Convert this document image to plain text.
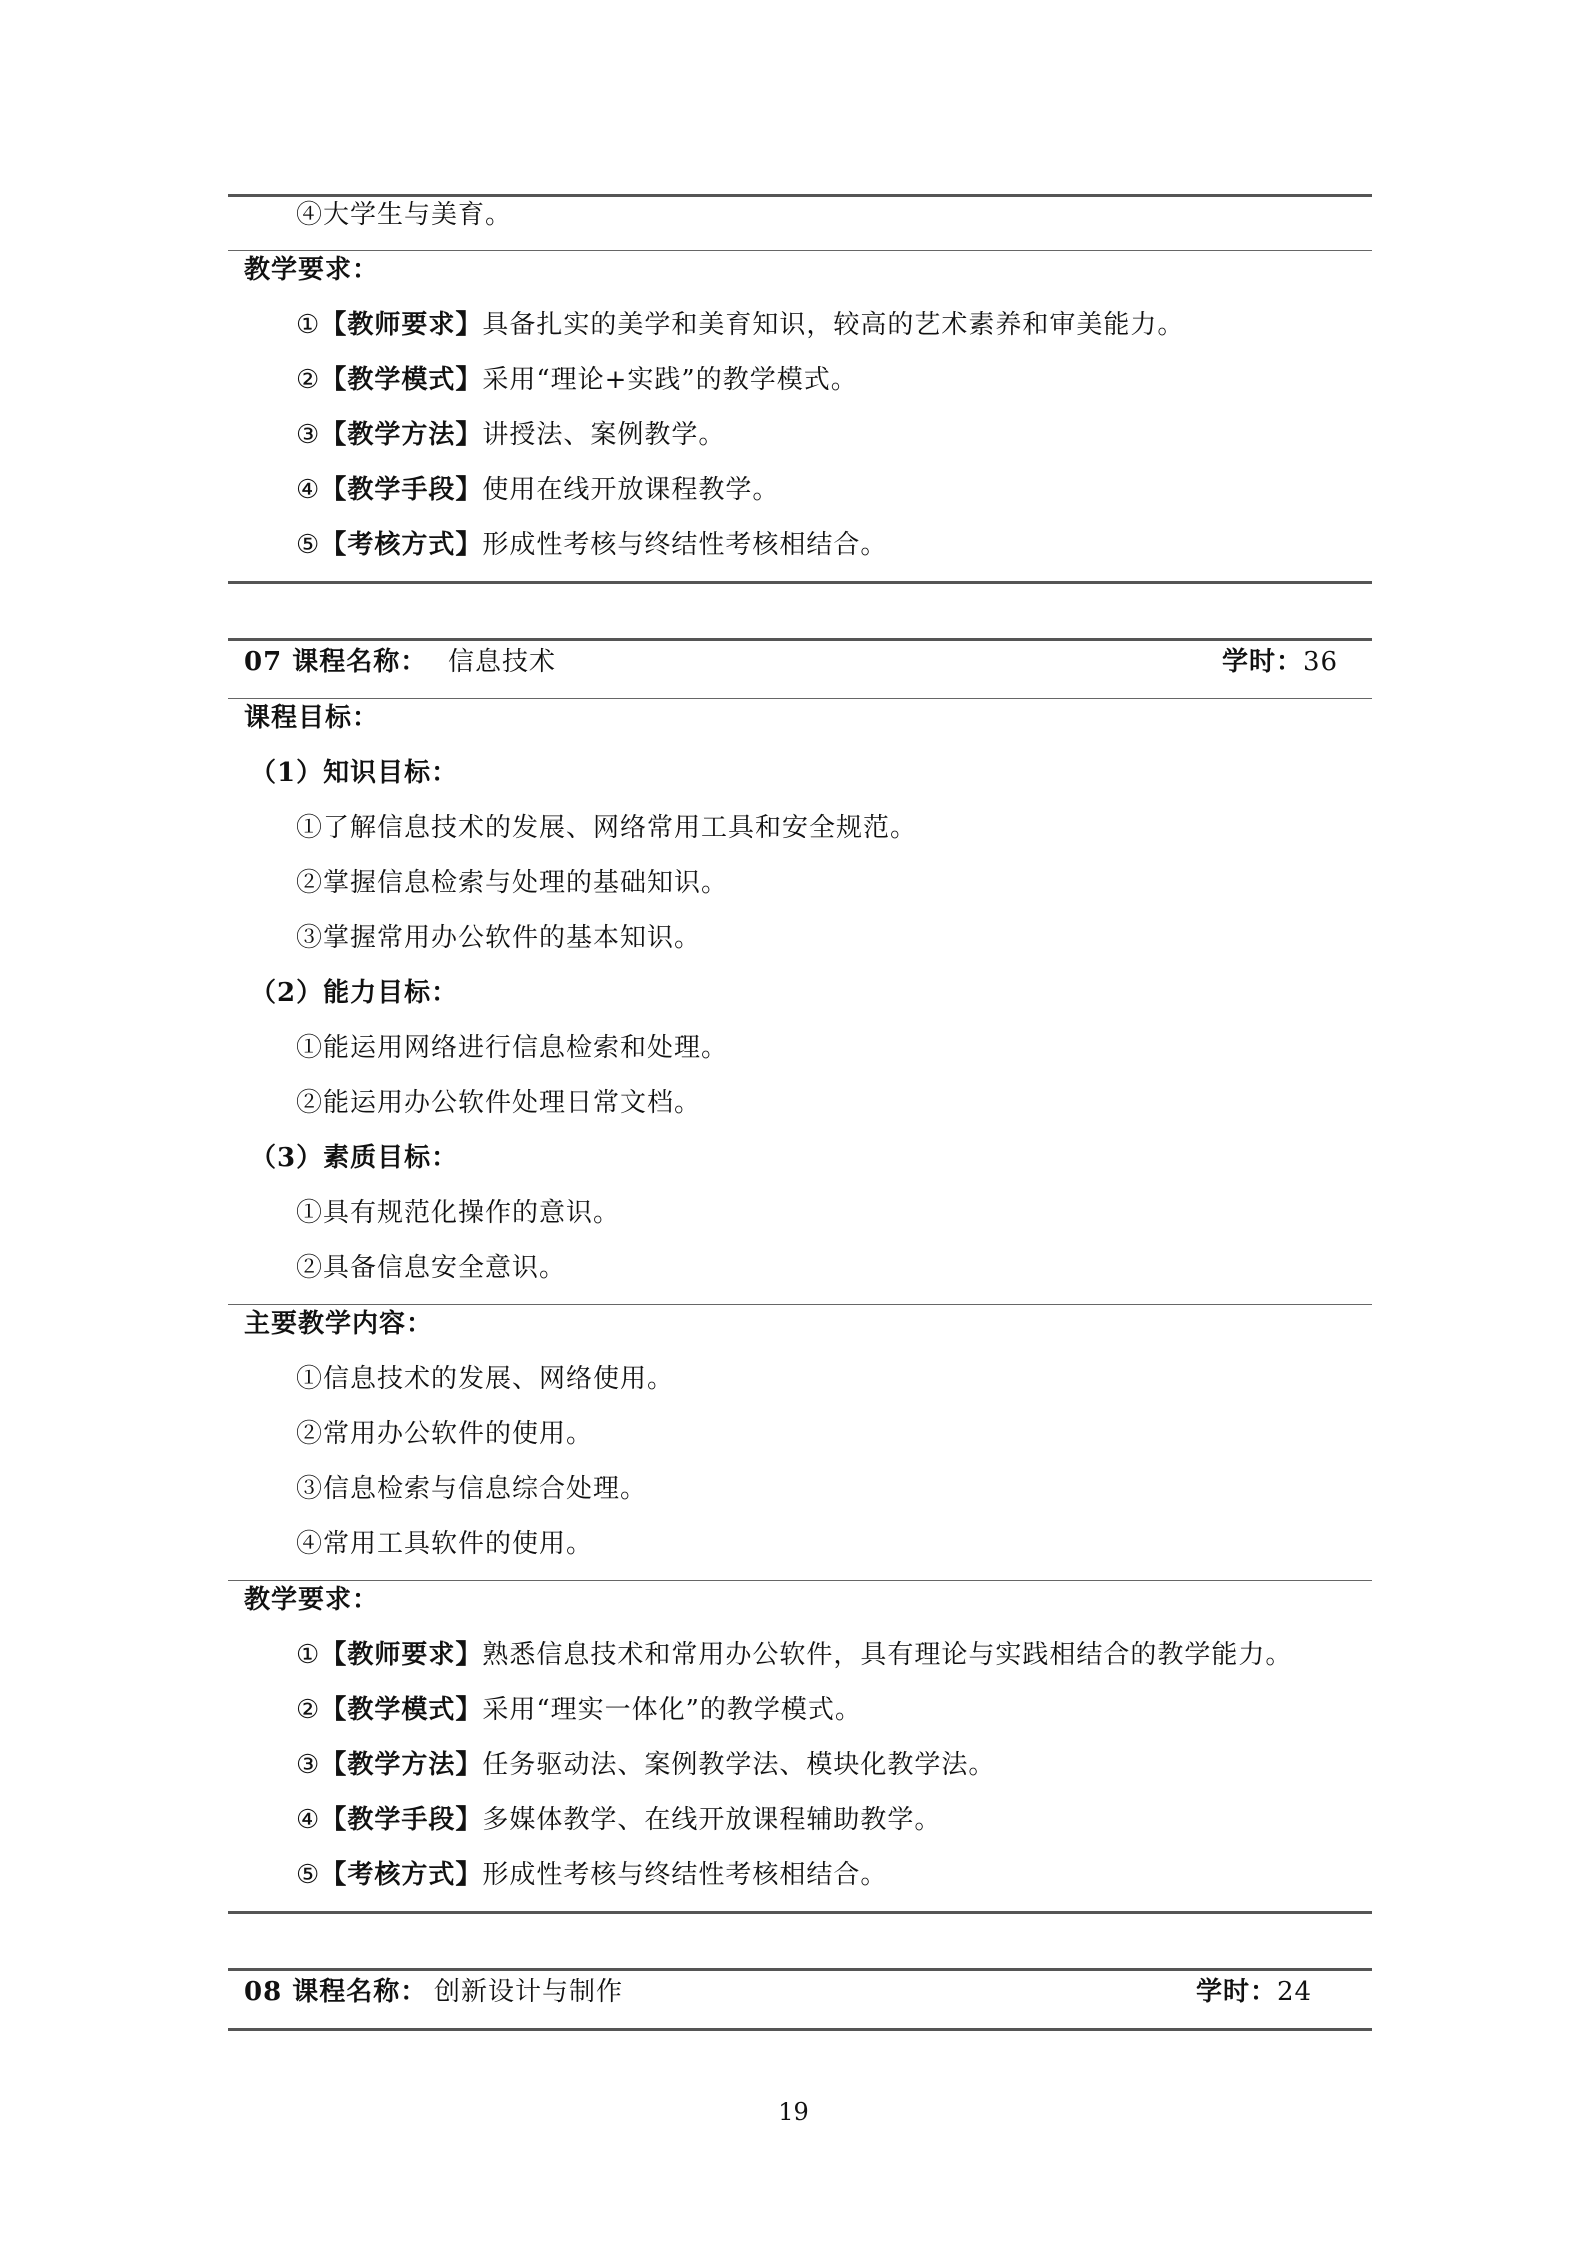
④大学生与美育。
教学要求：
①【教师要求】具备扎实的美学和美育知识，较高的艺术素养和审美能力。
②【教学模式】采用“理论+实践”的教学模式。
③【教学方法】讲授法、案例教学。
④【教学手段】使用在线开放课程教学。
⑤【考核方式】形成性考核与终结性考核相结合。
07 课程名称： 信息技术	学时：36
课程目标：
（1）知识目标：
①了解信息技术的发展、网络常用工具和安全规范。
②掌握信息检索与处理的基础知识。
③掌握常用办公软件的基本知识。
（2）能力目标：
①能运用网络进行信息检索和处理。
②能运用办公软件处理日常文档。
（3）素质目标：
①具有规范化操作的意识。
②具备信息安全意识。
主要教学内容：
①信息技术的发展、网络使用。
②常用办公软件的使用。
③信息检索与信息综合处理。
④常用工具软件的使用。
教学要求：
①【教师要求】熟悉信息技术和常用办公软件，具有理论与实践相结合的教学能力。
②【教学模式】采用“理实一体化”的教学模式。
③【教学方法】任务驱动法、案例教学法、模块化教学法。
④【教学手段】多媒体教学、在线开放课程辅助教学。
⑤【考核方式】形成性考核与终结性考核相结合。
08 课程名称： 创新设计与制作	学时：24
19
